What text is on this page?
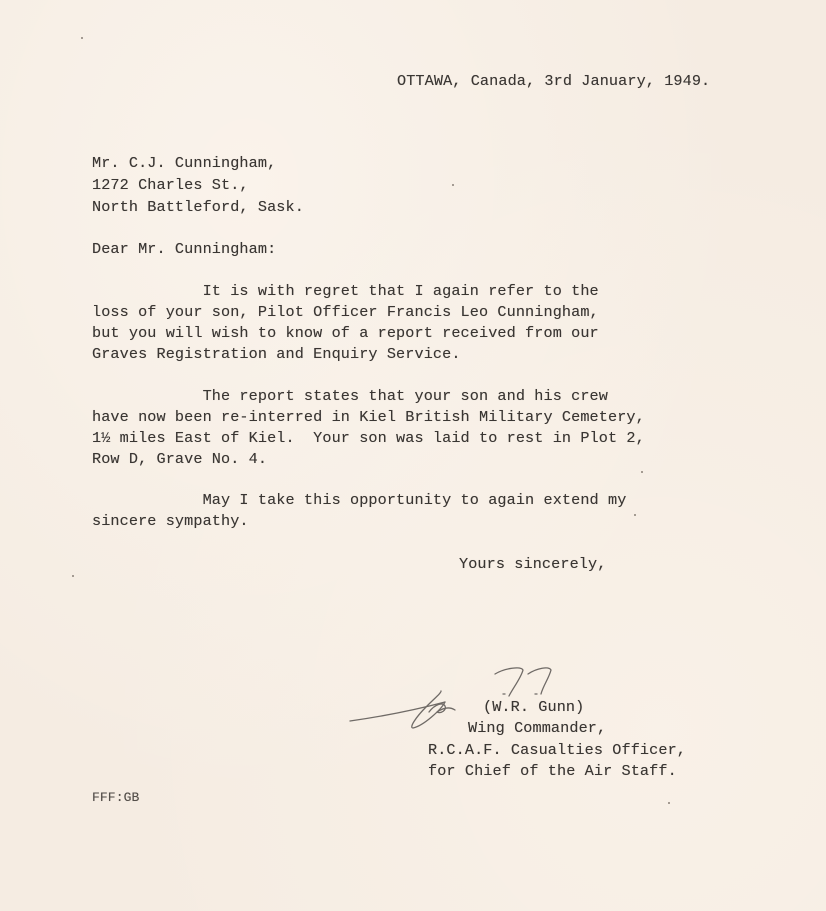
OTTAWA, Canada, 3rd January, 1949.
Mr. C.J. Cunningham,
1272 Charles St.,
North Battleford, Sask.
Dear Mr. Cunningham:
It is with regret that I again refer to the
loss of your son, Pilot Officer Francis Leo Cunningham,
but you will wish to know of a report received from our
Graves Registration and Enquiry Service.
The report states that your son and his crew
have now been re-interred in Kiel British Military Cemetery,
1½ miles East of Kiel.  Your son was laid to rest in Plot 2,
Row D, Grave No. 4.
May I take this opportunity to again extend my
sincere sympathy.
Yours sincerely,
(W.R. Gunn)
Wing Commander,
R.C.A.F. Casualties Officer,
for Chief of the Air Staff.
FFF:GB
